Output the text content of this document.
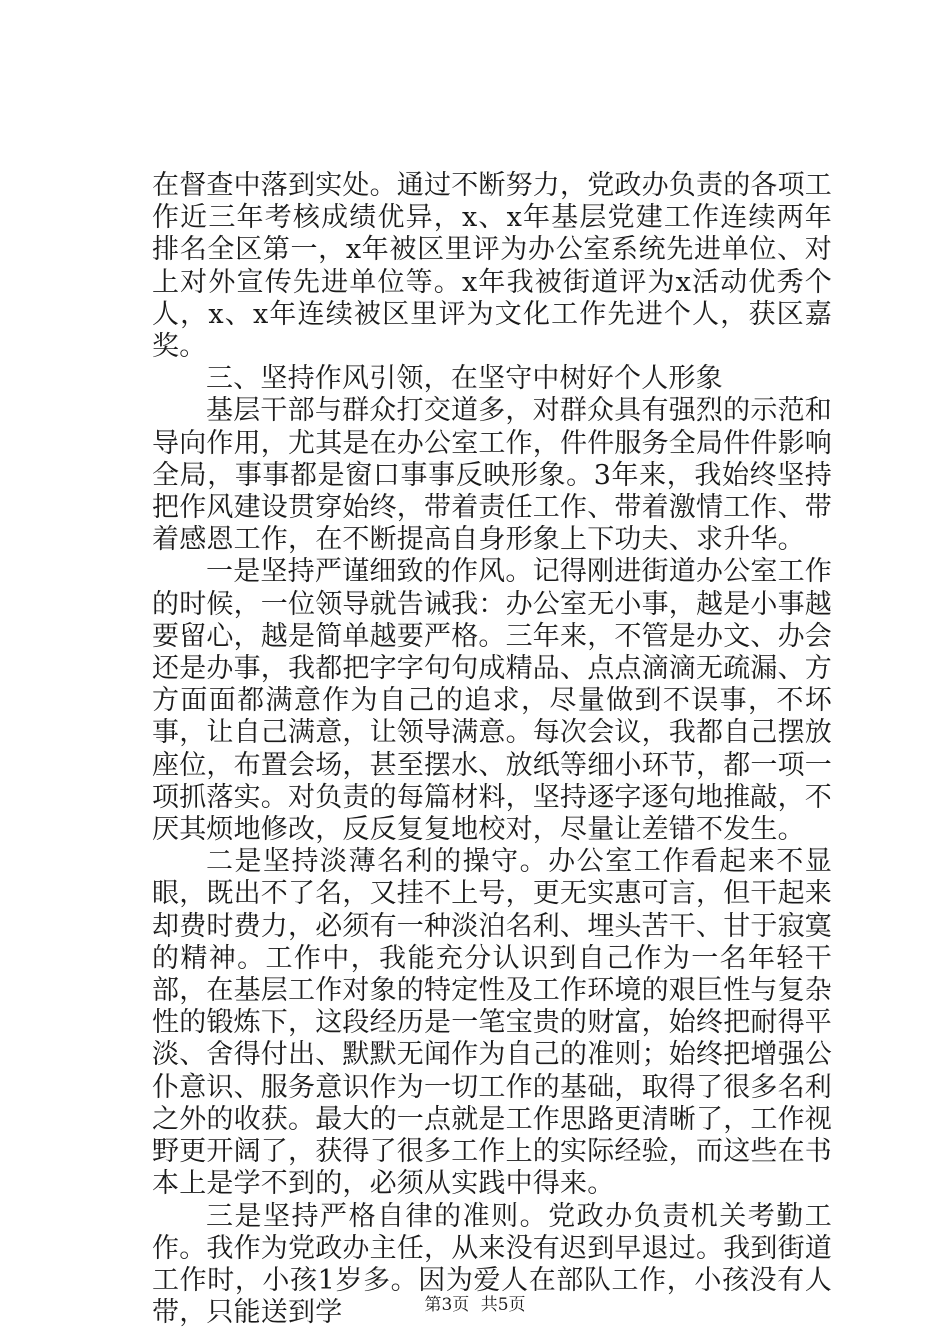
在督查中落到实处。通过不断努力，党政办负责的各项工作近三年考核成绩优异，x、x年基层党建工作连续两年排名全区第一，x年被区里评为办公室系统先进单位、对上对外宣传先进单位等。x年我被街道评为x活动优秀个人，x、x年连续被区里评为文化工作先进个人，获区嘉奖。

三、坚持作风引领，在坚守中树好个人形象

基层干部与群众打交道多，对群众具有强烈的示范和导向作用，尤其是在办公室工作，件件服务全局件件影响全局，事事都是窗口事事反映形象。3年来，我始终坚持把作风建设贯穿始终，带着责任工作、带着激情工作、带着感恩工作，在不断提高自身形象上下功夫、求升华。

一是坚持严谨细致的作风。记得刚进街道办公室工作的时候，一位领导就告诫我：办公室无小事，越是小事越要留心，越是简单越要严格。三年来，不管是办文、办会还是办事，我都把字字句句成精品、点点滴滴无疏漏、方方面面都满意作为自己的追求，尽量做到不误事，不坏事，让自己满意，让领导满意。每次会议，我都自己摆放座位，布置会场，甚至摆水、放纸等细小环节，都一项一项抓落实。对负责的每篇材料，坚持逐字逐句地推敲，不厌其烦地修改，反反复复地校对，尽量让差错不发生。

二是坚持淡薄名利的操守。办公室工作看起来不显眼，既出不了名，又挂不上号，更无实惠可言，但干起来却费时费力，必须有一种淡泊名利、埋头苦干、甘于寂寞的精神。工作中，我能充分认识到自己作为一名年轻干部，在基层工作对象的特定性及工作环境的艰巨性与复杂性的锻炼下，这段经历是一笔宝贵的财富，始终把耐得平淡、舍得付出、默默无闻作为自己的准则；始终把增强公仆意识、服务意识作为一切工作的基础，取得了很多名利之外的收获。最大的一点就是工作思路更清晰了，工作视野更开阔了，获得了很多工作上的实际经验，而这些在书本上是学不到的，必须从实践中得来。

三是坚持严格自律的准则。党政办负责机关考勤工作。我作为党政办主任，从来没有迟到早退过。我到街道工作时，小孩1岁多。因为爱人在部队工作，小孩没有人带，只能送到学	第3页 共5页
